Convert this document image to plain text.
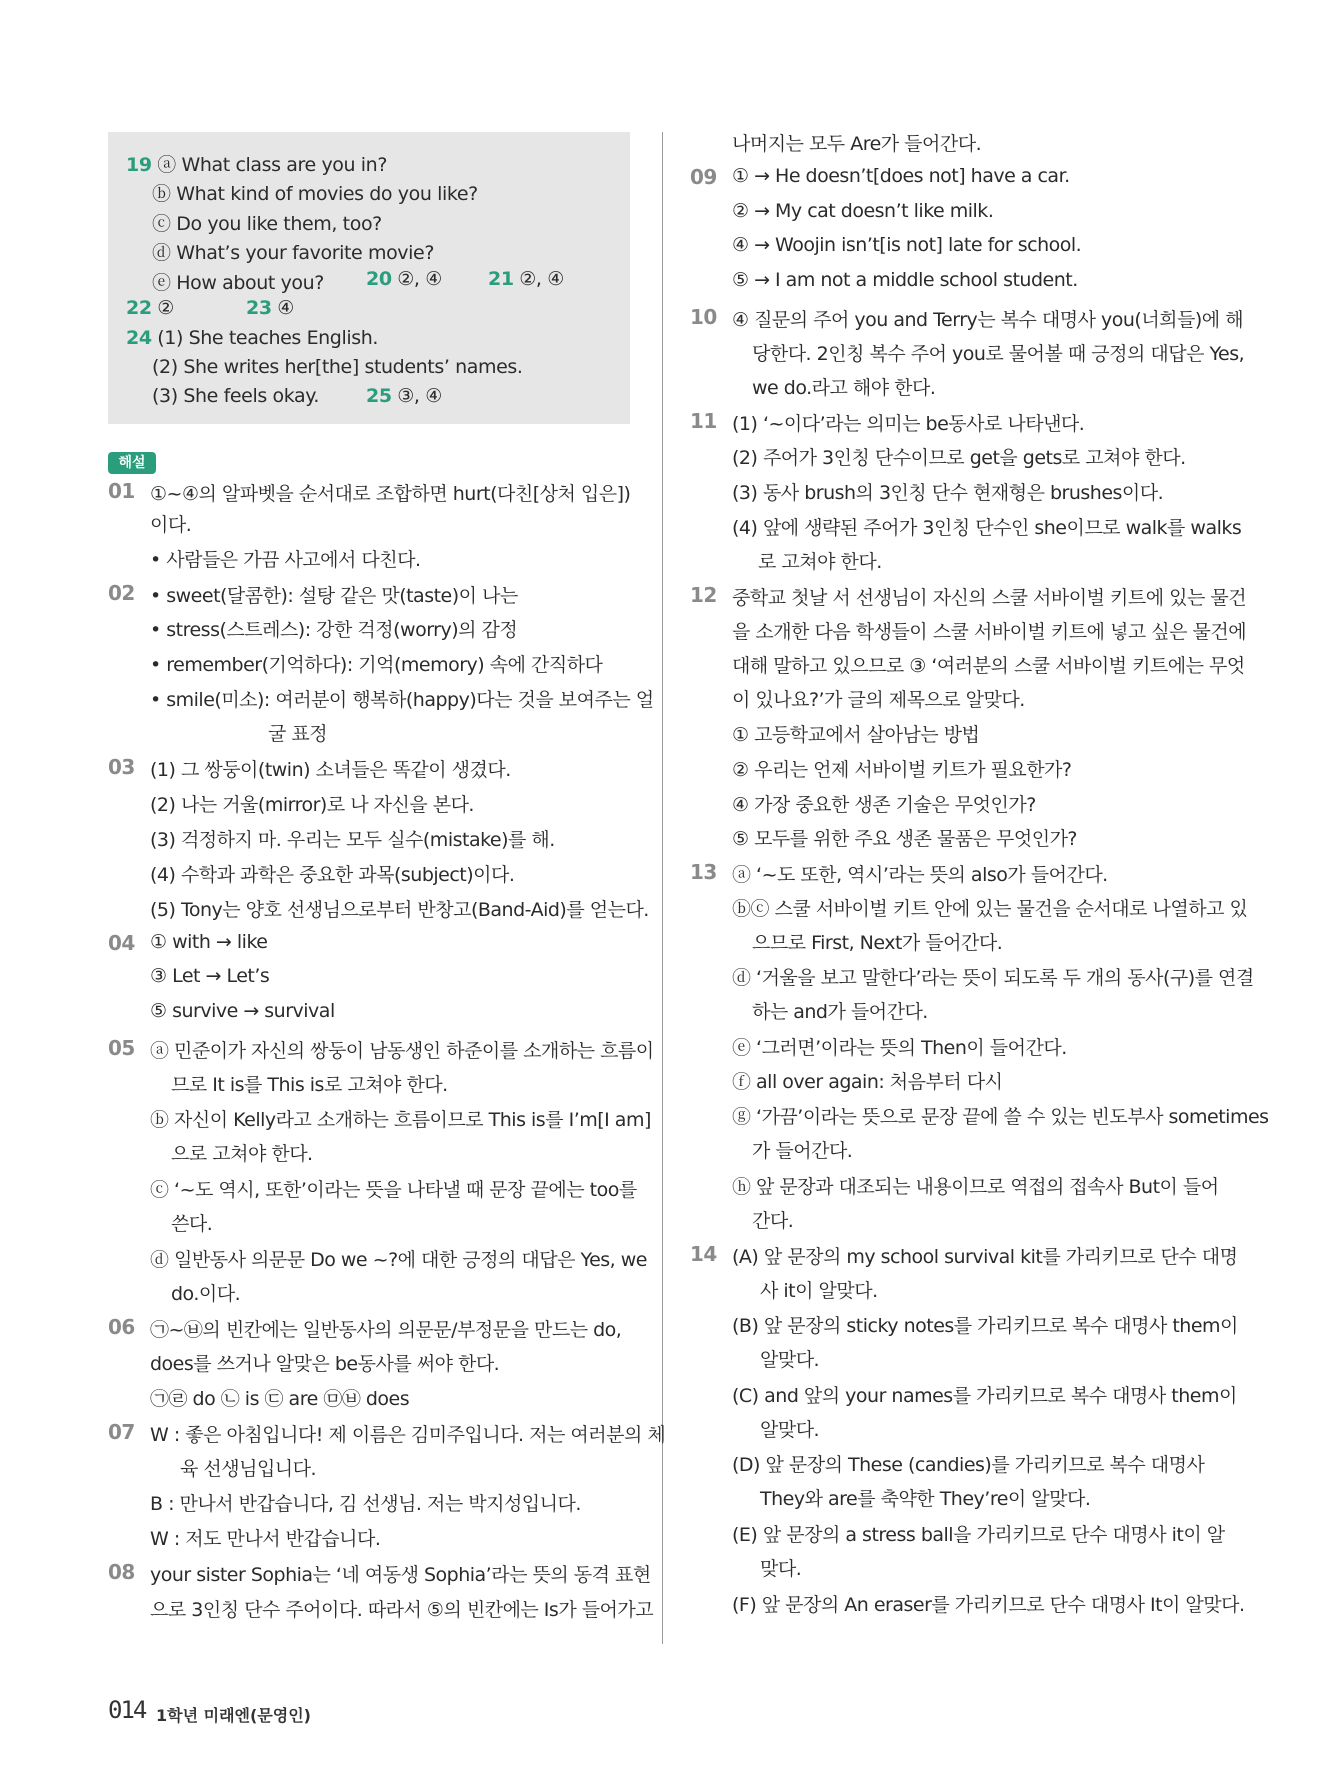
19 ⓐ What class are you in?
ⓑ What kind of movies do you like?
ⓒ Do you like them, too?
ⓓ What’s your favorite movie?
ⓔ How about you? 20 ②, ④ 21 ②, ④
22 ②	23 ④
24 (1) She teaches English.
(2) She writes her[the] students’ names.
(3) She feels okay. 25 ③, ④
해설
014 1학년 미래엔(문영인)
01 ①~④의 알파벳을 순서대로 조합하면 hurt(다친[상처 입은])
이다.
• 사람들은 가끔 사고에서 다친다.
02 • sweet(달콤한): 설탕 같은 맛(taste)이 나는
• stress(스트레스): 강한 걱정(worry)의 감정
• remember(기억하다): 기억(memory) 속에 간직하다
• smile(미소): 여러분이 행복하(happy)다는 것을 보여주는 얼
굴 표정
03 (1) 그 쌍둥이(twin) 소녀들은 똑같이 생겼다.
(2) 나는 거울(mirror)로 나 자신을 본다.
(3) 걱정하지 마. 우리는 모두 실수(mistake)를 해.
(4) 수학과 과학은 중요한 과목(subject)이다.
(5) Tony는 양호 선생님으로부터 반창고(Band-Aid)를 얻는다.
04 ① with → like
③ Let → Let’s
⑤ survive → survival
05 ⓐ 민준이가 자신의 쌍둥이 남동생인 하준이를 소개하는 흐름이
므로 It is를 This is로 고쳐야 한다.
ⓑ 자신이 Kelly라고 소개하는 흐름이므로 This is를 I’m[I am]
으로 고쳐야 한다.
ⓒ ‘~도 역시, 또한’이라는 뜻을 나타낼 때 문장 끝에는 too를
쓴다.
ⓓ 일반동사 의문문 Do we ~?에 대한 긍정의 대답은 Yes, we
do.이다.
06 ㉠~㉥의 빈칸에는 일반동사의 의문문/부정문을 만드는 do,
does를 쓰거나 알맞은 be동사를 써야 한다.
㉠㉣ do ㉡ is ㉢ are ㉤㉥ does
07 W : 좋은 아침입니다! 제 이름은 김미주입니다. 저는 여러분의 체
육 선생님입니다.
B : 만나서 반갑습니다, 김 선생님. 저는 박지성입니다.
W : 저도 만나서 반갑습니다.
08 your sister Sophia는 ‘네 여동생 Sophia’라는 뜻의 동격 표현
으로 3인칭 단수 주어이다. 따라서 ⑤의 빈칸에는 Is가 들어가고
나머지는 모두 Are가 들어간다.
09 ① → He doesn’t[does not] have a car.
② → My cat doesn’t like milk.
④ → Woojin isn’t[is not] late for school.
⑤ → I am not a middle school student.
10 ④ 질문의 주어 you and Terry는 복수 대명사 you(너희들)에 해
당한다. 2인칭 복수 주어 you로 물어볼 때 긍정의 대답은 Yes,
we do.라고 해야 한다.
11 (1) ‘~이다’라는 의미는 be동사로 나타낸다.
(2) 주어가 3인칭 단수이므로 get을 gets로 고쳐야 한다.
(3) 동사 brush의 3인칭 단수 현재형은 brushes이다.
(4) 앞에 생략된 주어가 3인칭 단수인 she이므로 walk를 walks
로 고쳐야 한다.
12 중학교 첫날 서 선생님이 자신의 스쿨 서바이벌 키트에 있는 물건
을 소개한 다음 학생들이 스쿨 서바이벌 키트에 넣고 싶은 물건에
대해 말하고 있으므로 ③ ‘여러분의 스쿨 서바이벌 키트에는 무엇
이 있나요?’가 글의 제목으로 알맞다.
① 고등학교에서 살아남는 방법
② 우리는 언제 서바이벌 키트가 필요한가?
④ 가장 중요한 생존 기술은 무엇인가?
⑤ 모두를 위한 주요 생존 물품은 무엇인가?
13 ⓐ ‘~도 또한, 역시’라는 뜻의 also가 들어간다.
ⓑⓒ 스쿨 서바이벌 키트 안에 있는 물건을 순서대로 나열하고 있
으므로 First, Next가 들어간다.
ⓓ ‘거울을 보고 말한다’라는 뜻이 되도록 두 개의 동사(구)를 연결
하는 and가 들어간다.
ⓔ ‘그러면’이라는 뜻의 Then이 들어간다.
ⓕ all over again: 처음부터 다시
ⓖ ‘가끔’이라는 뜻으로 문장 끝에 쓸 수 있는 빈도부사 sometimes
가 들어간다.
ⓗ 앞 문장과 대조되는 내용이므로 역접의 접속사 But이 들어
간다.
14 (A) 앞 문장의 my school survival kit를 가리키므로 단수 대명
사 it이 알맞다.
(B) 앞 문장의 sticky notes를 가리키므로 복수 대명사 them이
알맞다.
(C) and 앞의 your names를 가리키므로 복수 대명사 them이
알맞다.
(D) 앞 문장의 These (candies)를 가리키므로 복수 대명사
They와 are를 축약한 They’re이 알맞다.
(E) 앞 문장의 a stress ball을 가리키므로 단수 대명사 it이 알
맞다.
(F) 앞 문장의 An eraser를 가리키므로 단수 대명사 It이 알맞다.
